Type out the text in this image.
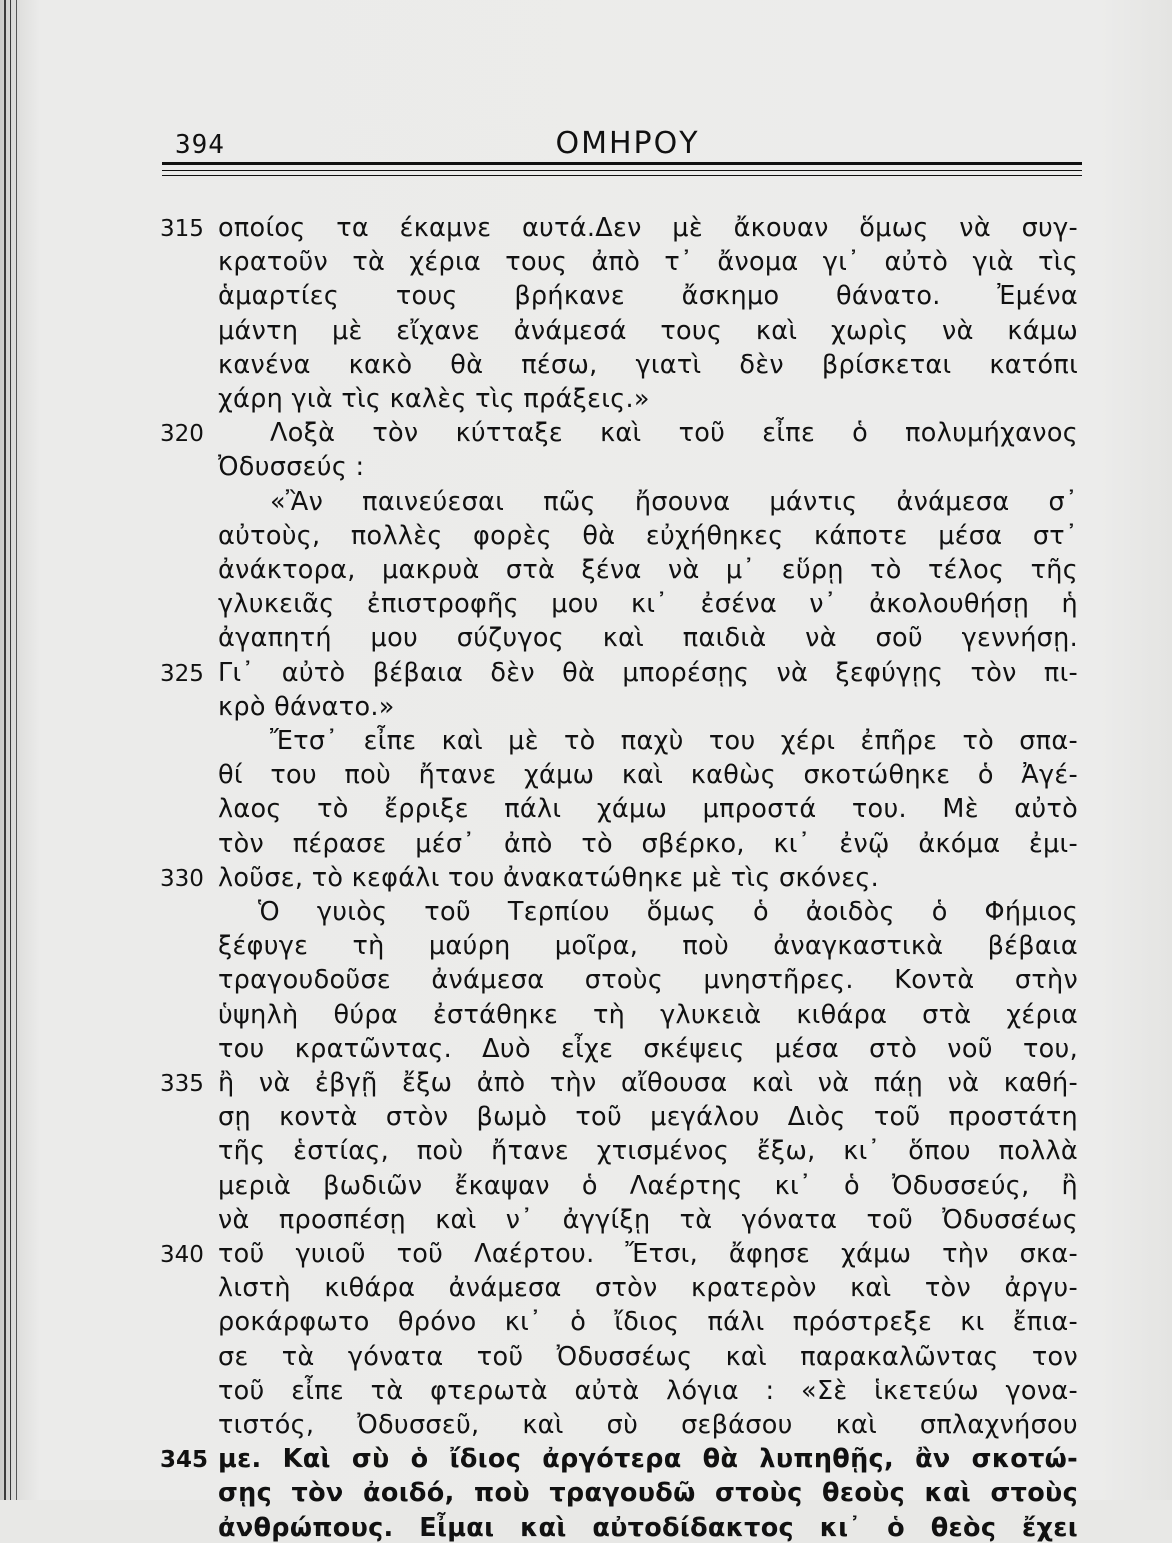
394	ΟΜΗΡΟΥ
315
320
325
330
335
340
345
οποίος τα έκαμνε αυτά.Δεν μὲ ἄκουαν ὅμως νὰ συγ-
κρατοῦν τὰ χέρια τους ἀπὸ τ᾽ ἄνομα γι᾽ αὐτὸ γιὰ τὶς
ἁμαρτίες τους βρήκανε ἄσκημο θάνατο. Ἐμένα
μάντη μὲ εἴχανε ἀνάμεσά τους καὶ χωρὶς νὰ κάμω
κανένα κακὸ θὰ πέσω, γιατὶ δὲν βρίσκεται κατόπι
χάρη γιὰ τὶς καλὲς τὶς πράξεις.»
Λοξὰ τὸν κύτταξε καὶ τοῦ εἶπε ὁ πολυμήχανος
Ὀδυσσεύς :
«Ἂν παινεύεσαι πῶς ἤσουνα μάντις ἀνάμεσα σ᾽
αὐτοὺς, πολλὲς φορὲς θὰ εὐχήθηκες κάποτε μέσα στ᾽
ἀνάκτορα, μακρυὰ στὰ ξένα νὰ μ᾽ εὕρῃ τὸ τέλος τῆς
γλυκειᾶς ἐπιστροφῆς μου κι᾽ ἐσένα ν᾽ ἀκολουθήσῃ ἡ
ἀγαπητή μου σύζυγος καὶ παιδιὰ νὰ σοῦ γεννήσῃ.
Γι᾽ αὐτὸ βέβαια δὲν θὰ μπορέσῃς νὰ ξεφύγῃς τὸν πι-
κρὸ θάνατο.»
Ἔτσ᾽ εἶπε καὶ μὲ τὸ παχὺ του χέρι ἐπῆρε τὸ σπα-
θί του ποὺ ἤτανε χάμω καὶ καθὼς σκοτώθηκε ὁ Ἀγέ-
λαος τὸ ἔρριξε πάλι χάμω μπροστά του. Μὲ αὐτὸ
τὸν πέρασε μέσ᾽ ἀπὸ τὸ σβέρκο, κι᾽ ἐνῷ ἀκόμα ἐμι-
λοῦσε, τὸ κεφάλι του ἀνακατώθηκε μὲ τὶς σκόνες.
Ὁ γυιὸς τοῦ Τερπίου ὅμως ὁ ἀοιδὸς ὁ Φήμιος
ξέφυγε τὴ μαύρη μοῖρα, ποὺ ἀναγκαστικὰ βέβαια
τραγουδοῦσε ἀνάμεσα στοὺς μνηστῆρες. Κοντὰ στὴν
ὑψηλὴ θύρα ἐστάθηκε τὴ γλυκειὰ κιθάρα στὰ χέρια
του κρατῶντας. Δυὸ εἶχε σκέψεις μέσα στὸ νοῦ του,
ἢ νὰ ἐβγῇ ἔξω ἀπὸ τὴν αἴθουσα καὶ νὰ πάῃ νὰ καθή-
σῃ κοντὰ στὸν βωμὸ τοῦ μεγάλου Διὸς τοῦ προστάτη
τῆς ἑστίας, ποὺ ἤτανε χτισμένος ἔξω, κι᾽ ὅπου πολλὰ
μεριὰ βωδιῶν ἔκαψαν ὁ Λαέρτης κι᾽ ὁ Ὀδυσσεύς, ἢ
νὰ προσπέσῃ καὶ ν᾽ ἀγγίξῃ τὰ γόνατα τοῦ Ὀδυσσέως
τοῦ γυιοῦ τοῦ Λαέρτου. Ἔτσι, ἄφησε χάμω τὴν σκα-
λιστὴ κιθάρα ἀνάμεσα στὸν κρατερὸν καὶ τὸν ἀργυ-
ροκάρφωτο θρόνο κι᾽ ὁ ἴδιος πάλι πρόστρεξε κι ἔπια-
σε τὰ γόνατα τοῦ Ὀδυσσέως καὶ παρακαλῶντας τον
τοῦ εἶπε τὰ φτερωτὰ αὐτὰ λόγια : «Σὲ ἱκετεύω γονα-
τιστός, Ὀδυσσεῦ, καὶ σὺ σεβάσου καὶ σπλαχνήσου
με. Καὶ σὺ ὁ ἴδιος ἀργότερα θὰ λυπηθῇς, ἂν σκοτώ-
σῃς τὸν ἀοιδό, ποὺ τραγουδῶ στοὺς θεοὺς καὶ στοὺς
ἀνθρώπους. Εἶμαι καὶ αὐτοδίδακτος κι᾽ ὁ θεὸς ἔχει
